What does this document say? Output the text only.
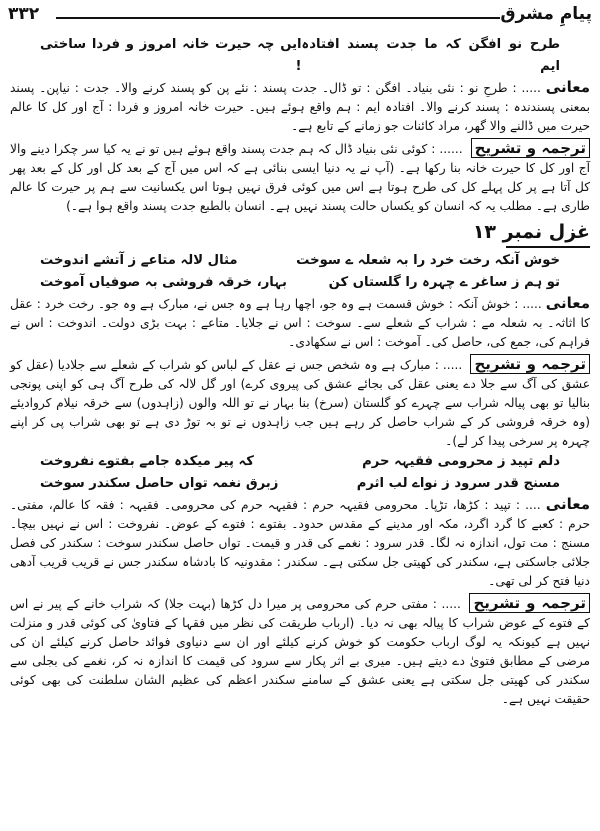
پیامِ مشرق
۳۳۲
طرح نو افگن کہ ما جدت پسند افتادہ ایم
ایں چہ حیرت خانہ امروز و فردا ساختی !

معانی ..... : طرحِ نو : نئی بنیاد۔ افگن : تو ڈال۔ جدت پسند : نئے پن کو پسند کرنے والا۔ جدت : نیاپن۔ پسند بمعنی پسندندہ : پسند کرنے والا۔ افتادہ ایم : ہم واقع ہوئے ہیں۔ حیرت خانہ امروز و فردا : آج اور کل کا عالم حیرت میں ڈالنے والا گھر، مراد کائنات جو زمانے کے تابع ہے۔

ترجمہ و تشریح ...... : کوئی نئی بنیاد ڈال کہ ہم جدت پسند واقع ہوئے ہیں تو نے یہ کیا سر چکرا دینے والا آج اور کل کا حیرت خانہ بنا رکھا ہے۔ (آپ نے یہ دنیا ایسی بنائی ہے کہ اس میں آج کے بعد کل اور کل کے بعد پھر کل آتا ہے پر کل پہلے کل کی طرح ہوتا ہے اس میں کوئی فرق نہیں ہوتا اس یکسانیت سے ہم پر حیرت کا عالم طاری ہے۔ مطلب یہ کہ انسان کو یکساں حالت پسند نہیں ہے۔ انسان بالطبع جدت پسند واقع ہوا ہے۔)

غزل نمبر ۱۳
خوش آنکہ رخت خرد را بہ شعلہ ے سوخت
مثال لالہ متاعے ز آتشے اندوخت
تو ہم ز ساغر ے چہرہ را گلستاں کن
بہار، خرقہ فروشی بہ صوفیاں آموخت

معانی ..... : خوش آنکہ : خوش قسمت ہے وہ جو، اچھا رہا ہے وہ جس نے، مبارک ہے وہ جو۔ رخت خرد : عقل کا اثاثہ۔ بہ شعلہ مے : شراب کے شعلے سے۔ سوخت : اس نے جلایا۔ متاعے : بہت بڑی دولت۔ اندوخت : اس نے فراہم کی، جمع کی، حاصل کی۔ آموخت : اس نے سکھادی۔

ترجمہ و تشریح ..... : مبارک ہے وہ شخص جس نے عقل کے لباس کو شراب کے شعلے سے جلادیا (عقل کو عشق کی آگ سے جلا دے یعنی عقل کی بجائے عشق کی پیروی کرے) اور گل لالہ کی طرح آگ ہی کو اپنی پونجی بنالیا تو بھی پیالہ شراب سے چہرے کو گلستان (سرخ) بنا بہار نے تو اللہ والوں (زاہدوں) سے خرقہ نیلام کروادیئے (وہ خرقہ فروشی کر کے شراب حاصل کر رہے ہیں جب زاہدوں نے تو بہ توڑ دی ہے تو بھی شراب پی کر اپنے چہرہ پر سرخی پیدا کر لے)۔

دلم تپید ز محرومی فقیہہ حرم
کہ پیر میکدہ جامے بفتوے نفروخت
مسنج قدر سرود ز نواے لب اثرم
زبرق نغمہ تواں حاصل سکندر سوخت

معانی .... : تپید : کڑھا، تڑپا۔ محرومی فقیہہ حرم : فقیہہ حرم کی محرومی۔ فقیہہ : فقہ کا عالم، مفتی۔ حرم : کعبے کا گرد اگرد، مکہ اور مدینے کے مقدس حدود۔ بفتوے : فتوے کے عوض۔ نفروخت : اس نے نہیں بیچا۔ مسنج : مت تول، اندازہ نہ لگا۔ قدر سرود : نغمے کی قدر و قیمت۔ تواں حاصل سکندر سوخت : سکندر کی فصل جلائی جاسکتی ہے، سکندر کی کھیتی جل سکتی ہے۔ سکندر : مقدونیہ کا بادشاہ سکندر جس نے قریب قریب آدھی دنیا فتح کر لی تھی۔

ترجمہ و تشریح ..... : مفتی حرم کی محرومی پر میرا دل کڑھا (بہت جلا) کہ شراب خانے کے پیر نے اس کے فتوے کے عوض شراب کا پیالہ بھی نہ دیا۔ (ارباب طریقت کی نظر میں فقہا کے فتاویٰ کی کوئی قدر و منزلت نہیں ہے کیونکہ یہ لوگ ارباب حکومت کو خوش کرنے کیلئے اور ان سے دنیاوی فوائد حاصل کرنے کیلئے ان کی مرضی کے مطابق فتویٰ دے دیتے ہیں۔ میری بے اثر پکار سے سرود کی قیمت کا اندازہ نہ کر، نغمے کی بجلی سے سکندر کی کھیتی جل سکتی ہے یعنی عشق کے سامنے سکندر اعظم کی عظیم الشان سلطنت کی بھی کوئی حقیقت نہیں ہے۔
